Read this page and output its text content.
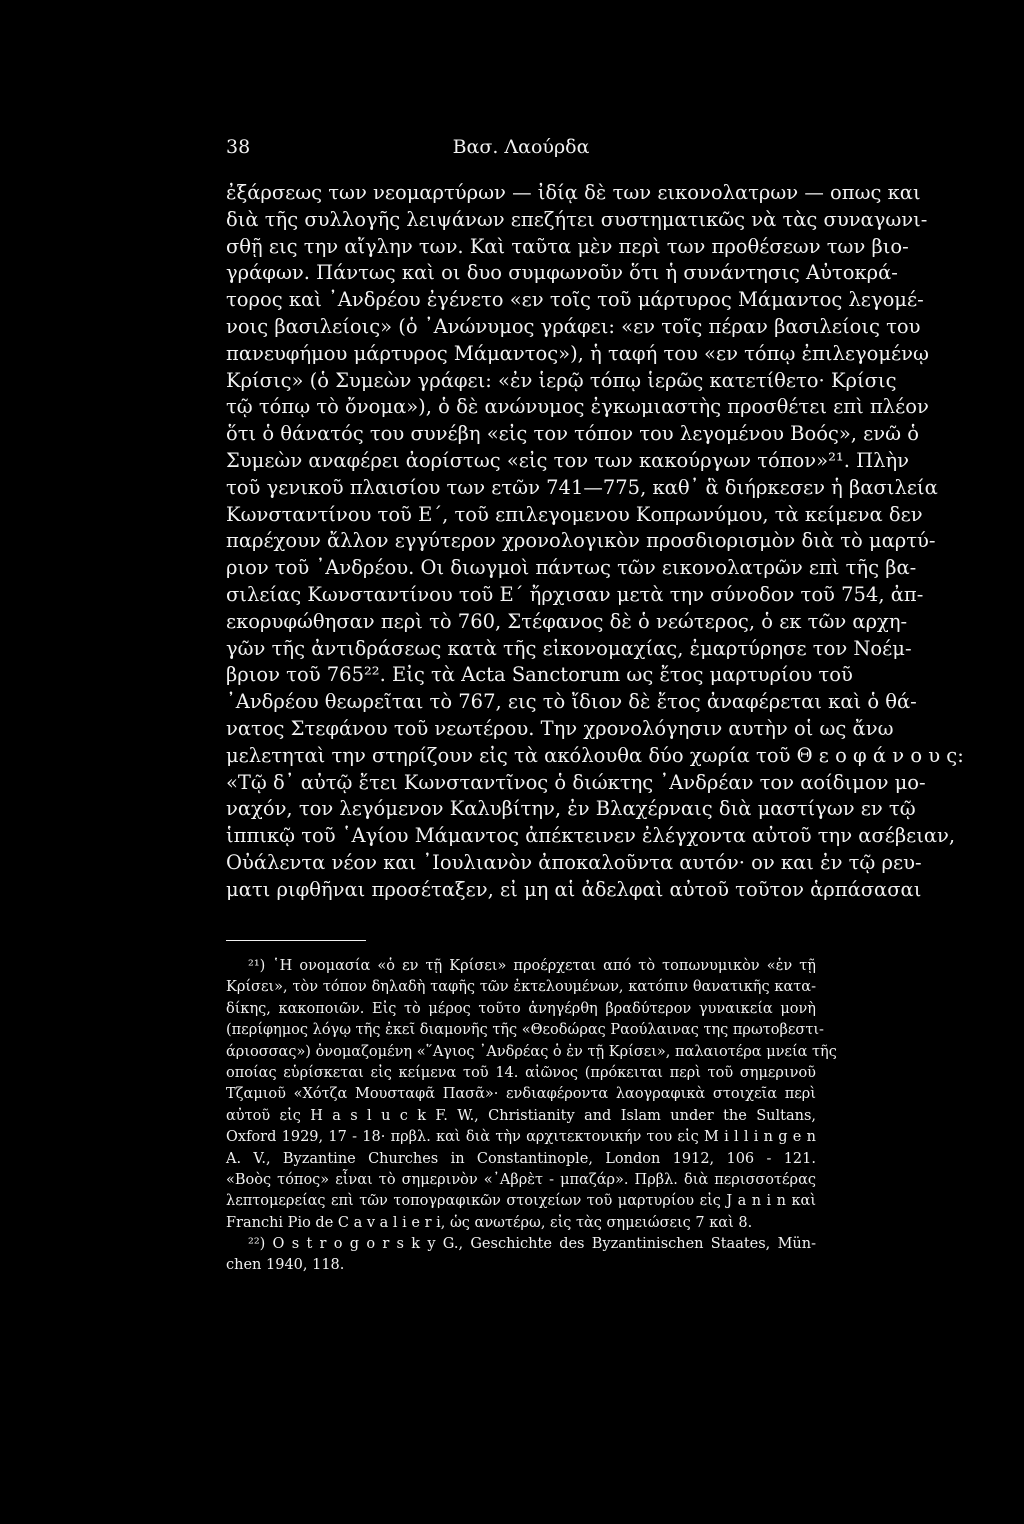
38	Βασ. Λαούρδα
ἐξάρσεως των νεομαρτύρων — ἰδίᾳ δὲ των εικονολατρων — οπως και
διὰ τῆς συλλογῆς λειψάνων επεζήτει συστηματικῶς νὰ τὰς συναγωνι-
σθῇ εις την αἴγλην των. Καὶ ταῦτα μὲν περὶ των προθέσεων των βιο-
γράφων. Πάντως καὶ οι δυο συμφωνοῦν ὅτι ἡ συνάντησις Αὐτοκρά-
τορος καὶ ᾿Ανδρέου ἐγένετο «εν τοῖς τοῦ μάρτυρος Μάμαντος λεγομέ-
νοις βασιλείοις» (ὁ ᾿Ανώνυμος γράφει: «εν τοῖς πέραν βασιλείοις του
πανευφήμου μάρτυρος Μάμαντος»), ἡ ταφή του «εν τόπῳ ἐπιλεγομένῳ
Κρίσις» (ὁ Συμεὼν γράφει: «ἐν ἱερῷ τόπῳ ἱερῶς κατετίθετο· Κρίσις
τῷ τόπῳ τὸ ὄνομα»), ὁ δὲ ανώνυμος ἐγκωμιαστὴς προσθέτει επὶ πλέον
ὅτι ὁ θάνατός του συνέβη «εἰς τον τόπον του λεγομένου Βοός», ενῶ ὁ
Συμεὼν αναφέρει ἀορίστως «εἰς τον των κακούργων τόπον»²¹. Πλὴν
τοῦ γενικοῦ πλαισίου των ετῶν 741—775, καθ᾿ ἃ διήρκεσεν ἡ βασιλεία
Κωνσταντίνου τοῦ Ε΄, τοῦ επιλεγομενου Κοπρωνύμου, τὰ κείμενα δεν
παρέχουν ἄλλον εγγύτερον χρονολογικὸν προσδιορισμὸν διὰ τὸ μαρτύ-
ριον τοῦ ᾿Ανδρέου. Οι διωγμοὶ πάντως τῶν εικονολατρῶν επὶ τῆς βα-
σιλείας Κωνσταντίνου τοῦ Ε΄ ἤρχισαν μετὰ την σύνοδον τοῦ 754, ἀπ-
εκορυφώθησαν περὶ τὸ 760, Στέφανος δὲ ὁ νεώτερος, ὁ εκ τῶν αρχη-
γῶν τῆς ἀντιδράσεως κατὰ τῆς εἰκονομαχίας, ἐμαρτύρησε τον Νοέμ-
βριον τοῦ 765²². Εἰς τὰ Acta Sanctorum ως ἔτος μαρτυρίου τοῦ
᾿Ανδρέου θεωρεῖται τὸ 767, εις τὸ ἴδιον δὲ ἔτος ἀναφέρεται καὶ ὁ θά-
νατος Στεφάνου τοῦ νεωτέρου. Την χρονολόγησιν αυτὴν οἱ ως ἄνω
μελετηταὶ την στηρίζουν εἰς τὰ ακόλουθα δύο χωρία τοῦ Θ ε ο φ ά ν ο υ ς:
«Τῷ δ᾿ αὐτῷ ἔτει Κωνσταντῖνος ὁ διώκτης ᾿Ανδρέαν τον αοίδιμον μο-
ναχόν, τον λεγόμενον Καλυβίτην, ἐν Βλαχέρναις διὰ μαστίγων εν τῷ
ἱππικῷ τοῦ ῾Αγίου Μάμαντος ἀπέκτεινεν ἐλέγχοντα αὐτοῦ την ασέβειαν,
Οὐάλεντα νέον και ᾿Ιουλιανὸν ἀποκαλοῦντα αυτόν· ον και ἐν τῷ ρευ-
ματι ριφθῆναι προσέταξεν, εἰ μη αἱ ἀδελφαὶ αὐτοῦ τοῦτον ἁρπάσασαι
²¹) ῾Η ονομασία «ὁ εν τῇ Κρίσει» προέρχεται από τὸ τοπωνυμικὸν «ἐν τῇ
Κρίσει», τὸν τόπον δηλαδὴ ταφῆς τῶν ἐκτελουμένων, κατόπιν θανατικῆς κατα-
δίκης, κακοποιῶν. Εἰς τὸ μέρος τοῦτο ἀνηγέρθη βραδύτερον γυναικεία μονὴ
(περίφημος λόγῳ τῆς ἐκεῖ διαμονῆς τῆς «Θεοδώρας Ραούλαινας της πρωτοβεστι-
άριοσσας») ὀνομαζομένη «῞Αγιος ᾿Ανδρέας ὁ ἐν τῇ Κρίσει», παλαιοτέρα μνεία τῆς
οποίας εὑρίσκεται εἰς κείμενα τοῦ 14. αἰῶνος (πρόκειται περὶ τοῦ σημερινοῦ
Τζαμιοῦ «Χότζα Μουσταφᾶ Πασᾶ»· ενδιαφέροντα λαογραφικὰ στοιχεῖα περὶ
αὐτοῦ εἰς H a s l u c k F. W., Christianity and Islam under the Sultans,
Oxford 1929, 17 - 18· πρβλ. καὶ διὰ τὴν αρχιτεκτονικήν του εἰς M i l l i n g e n
A. V., Byzantine Churches in Constantinople, London 1912, 106 - 121.
«Βοὸς τόπος» εἶναι τὸ σημερινὸν «᾿Αβρὲτ - μπαζάρ». Πρβλ. διὰ περισσοτέρας
λεπτομερείας επὶ τῶν τοπογραφικῶν στοιχείων τοῦ μαρτυρίου εἰς J a n i n καὶ
Franchi Pio de C a v a l i e r i, ὡς ανωτέρω, εἰς τὰς σημειώσεις 7 καὶ 8.
²²) O s t r o g o r s k y G., Geschichte des Byzantinischen Staates, Mün-
chen 1940, 118.
